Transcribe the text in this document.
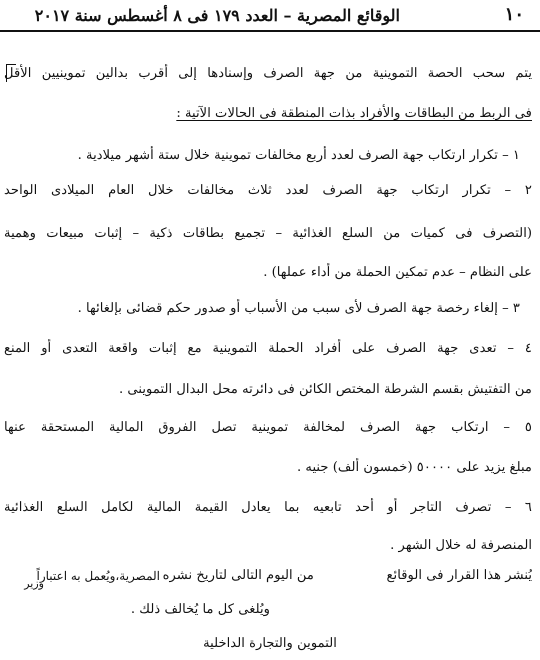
الوقائع المصرية – العدد ١٧٩ فى ٨ أغسطس سنة ٢٠١٧	١٠
يتم سحب الحصة التموينية من جهة الصرف وإسنادها إلى أقرب بدالين تموينيين الأقل
فى الربط من البطاقات والأفراد بذات المنطقة فى الحالات الآتية :
١ – تكرار ارتكاب جهة الصرف لعدد أربع مخالفات تموينية خلال ستة أشهر ميلادية .
٢ – تكرار ارتكاب جهة الصرف لعدد ثلاث مخالفات خلال العام الميلادى الواحد
(التصرف فى كميات من السلع الغذائية – تجميع بطاقات ذكية – إثبات مبيعات وهمية
على النظام – عدم تمكين الحملة من أداء عملها) .
٣ – إلغاء رخصة جهة الصرف لأى سبب من الأسباب أو صدور حكم قضائى بإلغائها .
٤ – تعدى جهة الصرف على أفراد الحملة التموينية مع إثبات واقعة التعدى أو المنع
من التفتيش بقسم الشرطة المختص الكائن فى دائرته محل البدال التموينى .
٥ – ارتكاب جهة الصرف لمخالفة تموينية تصل الفروق المالية المستحقة عنها
مبلغ يزيد على ٥٠٠٠٠ (خمسون ألف) جنيه .
٦ – تصرف التاجر أو أحد تابعيه بما يعادل القيمة المالية لكامل السلع الغذائية
المنصرفة له خلال الشهر .
يُنشر هذا القرار فى الوقائع
من اليوم التالى لتاريخ نشره
المصرية،ويُعمل به اعتباراً
وزير
ويُلغى كل ما يُخالف ذلك .
التموين والتجارة الداخلية
